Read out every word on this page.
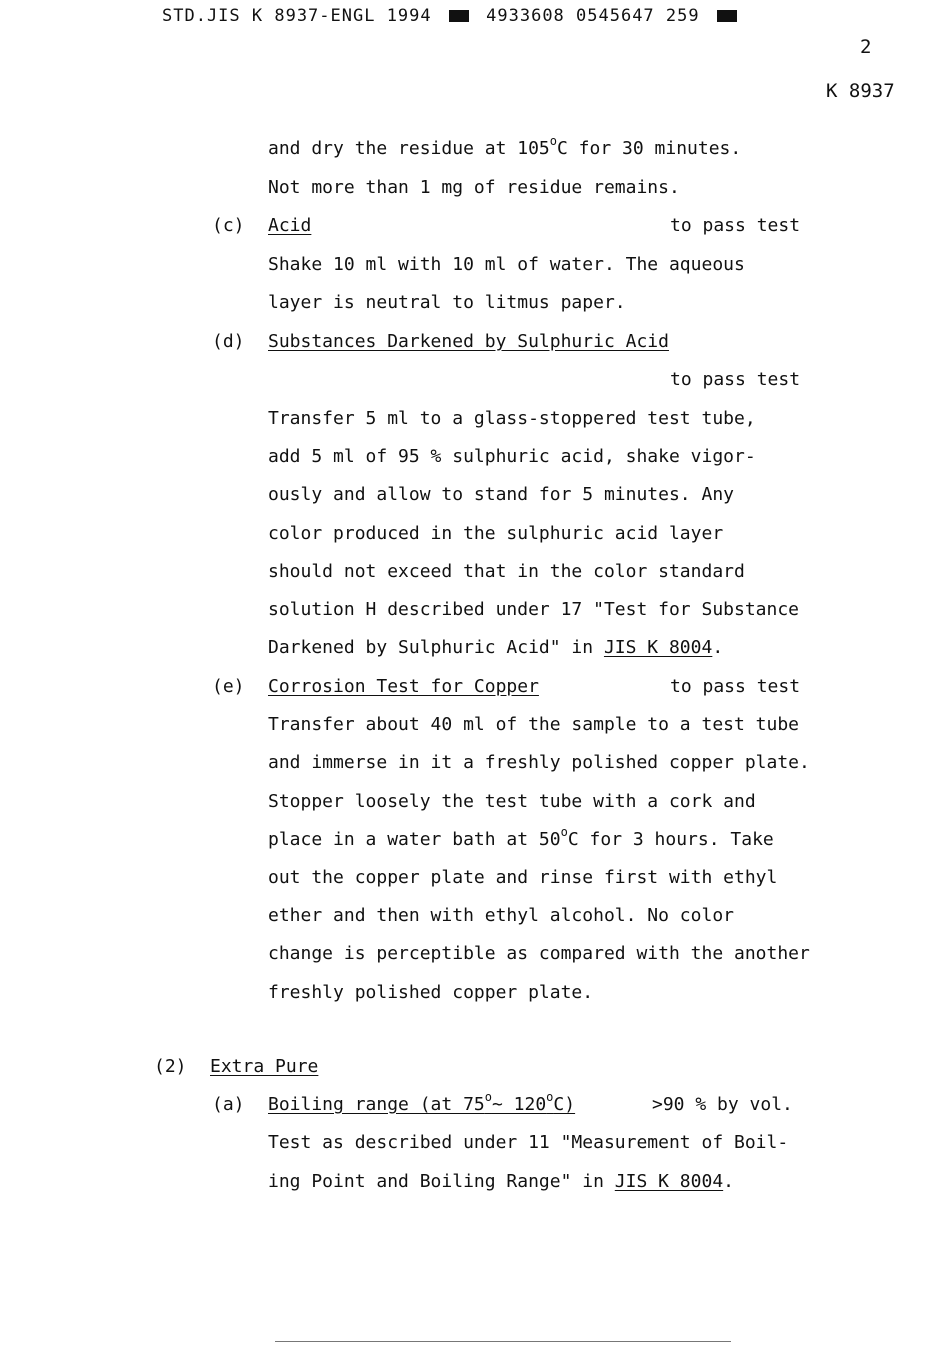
STD.JIS K 8937-ENGL 1994	4933608 0545647 259
2
K 8937
and dry the residue at 105$^o$C for 30 minutes.
Not more than 1 mg of residue remains.
(c) Acid	to pass test
Shake 10 ml with 10 ml of water. The aqueous
layer is neutral to litmus paper.
(d) Substances Darkened by Sulphuric Acid
to pass test
Transfer 5 ml to a glass-stoppered test tube,
add 5 ml of 95 % sulphuric acid, shake vigor-
ously and allow to stand for 5 minutes. Any
color produced in the sulphuric acid layer
should not exceed that in the color standard
solution H described under 17 "Test for Substance
Darkened by Sulphuric Acid" in JIS K 8004.
(e) Corrosion Test for Copper	to pass test
Transfer about 40 ml of the sample to a test tube
and immerse in it a freshly polished copper plate.
Stopper loosely the test tube with a cork and
place in a water bath at 50$^o$C for 3 hours. Take
out the copper plate and rinse first with ethyl
ether and then with ethyl alcohol. No color
change is perceptible as compared with the another
freshly polished copper plate.
(2) Extra Pure
(a) Boiling range (at 75$^o$~ $120^oC$)	>90 % by vol.
Test as described under 11 "Measurement of Boil-
ing Point and Boiling Range" in JIS K 8004.
